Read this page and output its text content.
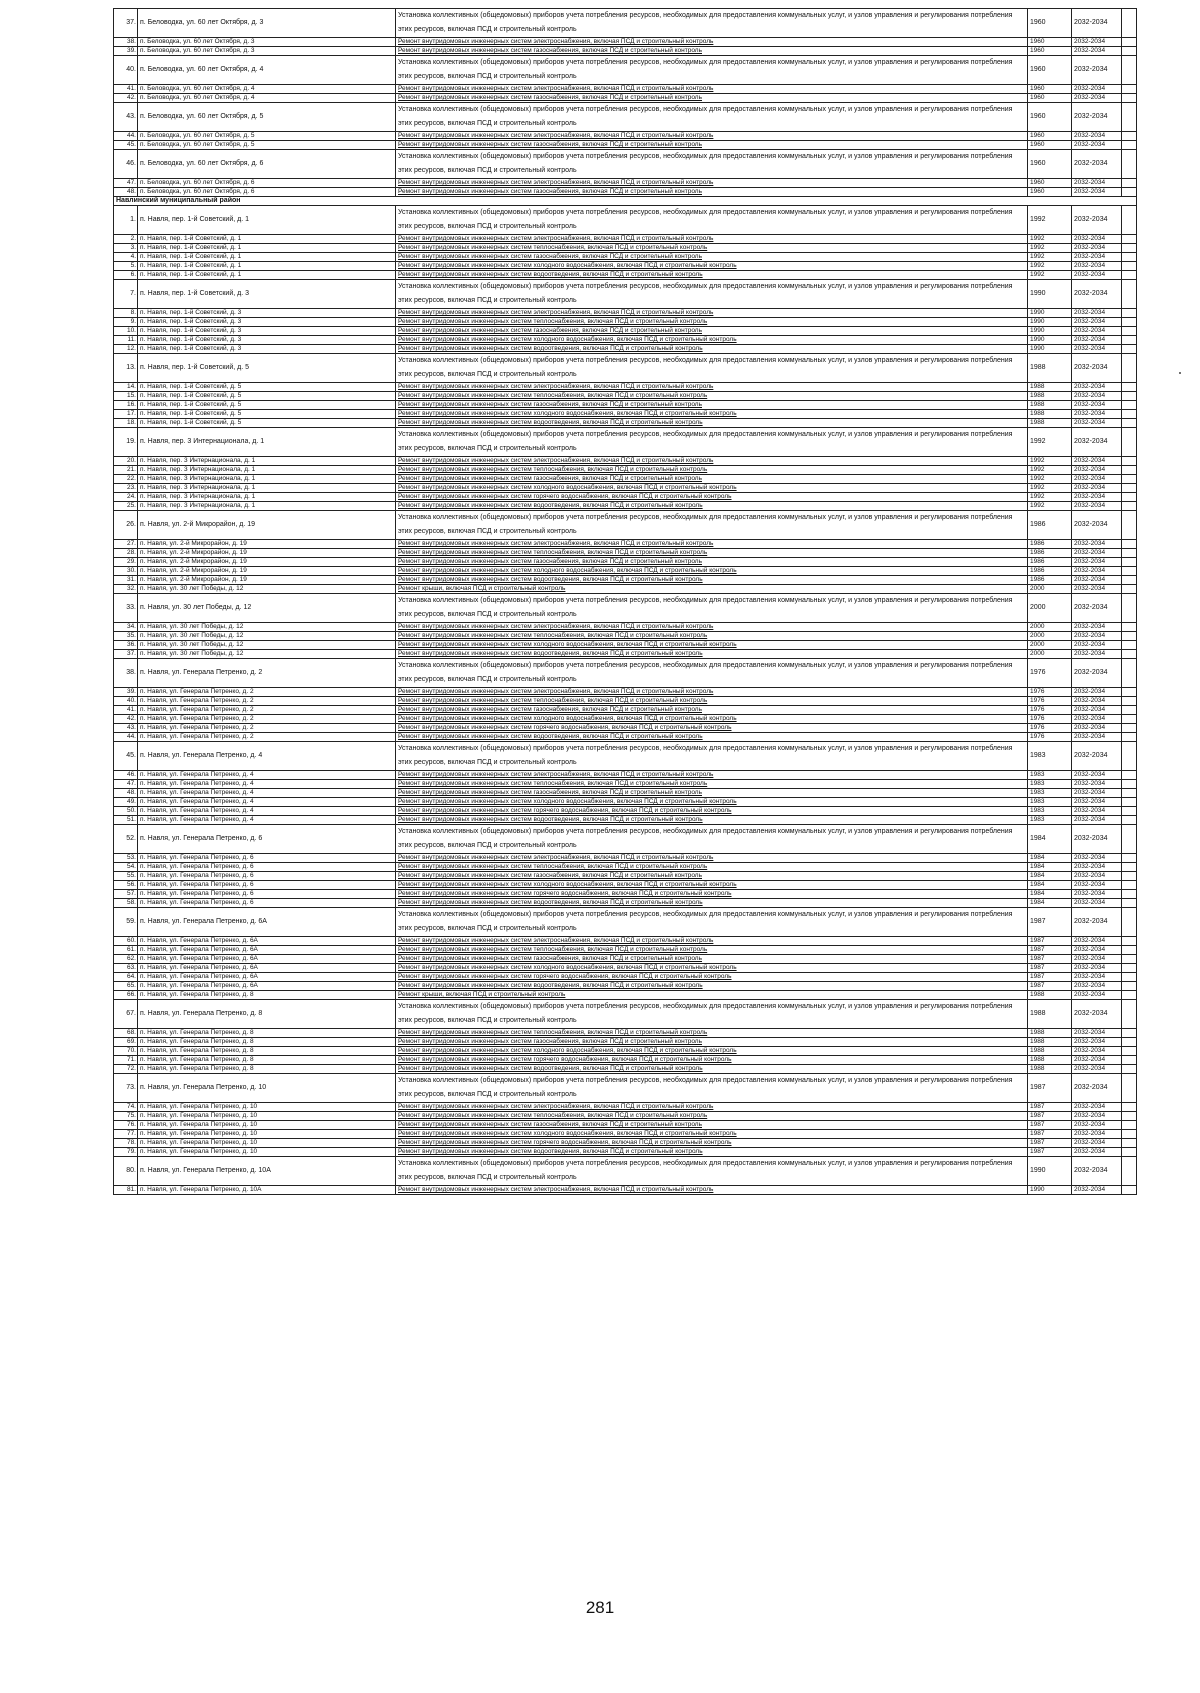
37.	п. Беловодка, ул. 60 лет Октября, д. 3	Установка коллективных (общедомовых) приборов учета потребления ресурсов, необходимых для предоставления коммунальных услуг, и узлов управления и регулирования потребления этих ресурсов, включая ПСД и строительный контроль	1960	2032-2034	
38.	п. Беловодка, ул. 60 лет Октября, д. 3	Ремонт внутридомовых инженерных систем электроснабжения, включая ПСД и строительный контроль	1960	2032-2034	
39.	п. Беловодка, ул. 60 лет Октября, д. 3	Ремонт внутридомовых инженерных систем газоснабжения, включая ПСД и строительный контроль	1960	2032-2034	
40.	п. Беловодка, ул. 60 лет Октября, д. 4	Установка коллективных (общедомовых) приборов учета потребления ресурсов, необходимых для предоставления коммунальных услуг, и узлов управления и регулирования потребления этих ресурсов, включая ПСД и строительный контроль	1960	2032-2034	
41.	п. Беловодка, ул. 60 лет Октября, д. 4	Ремонт внутридомовых инженерных систем электроснабжения, включая ПСД и строительный контроль	1960	2032-2034	
42.	п. Беловодка, ул. 60 лет Октября, д. 4	Ремонт внутридомовых инженерных систем газоснабжения, включая ПСД и строительный контроль	1960	2032-2034	
43.	п. Беловодка, ул. 60 лет Октября, д. 5	Установка коллективных (общедомовых) приборов учета потребления ресурсов, необходимых для предоставления коммунальных услуг, и узлов управления и регулирования потребления этих ресурсов, включая ПСД и строительный контроль	1960	2032-2034	
44.	п. Беловодка, ул. 60 лет Октября, д. 5	Ремонт внутридомовых инженерных систем электроснабжения, включая ПСД и строительный контроль	1960	2032-2034	
45.	п. Беловодка, ул. 60 лет Октября, д. 5	Ремонт внутридомовых инженерных систем газоснабжения, включая ПСД и строительный контроль	1960	2032-2034	
46.	п. Беловодка, ул. 60 лет Октября, д. 6	Установка коллективных (общедомовых) приборов учета потребления ресурсов, необходимых для предоставления коммунальных услуг, и узлов управления и регулирования потребления этих ресурсов, включая ПСД и строительный контроль	1960	2032-2034	
47.	п. Беловодка, ул. 60 лет Октября, д. 6	Ремонт внутридомовых инженерных систем электроснабжения, включая ПСД и строительный контроль	1960	2032-2034	
48.	п. Беловодка, ул. 60 лет Октября, д. 6	Ремонт внутридомовых инженерных систем газоснабжения, включая ПСД и строительный контроль	1960	2032-2034	
Навлинский муниципальный район					
1.	п. Навля, пер. 1-й Советский, д. 1	Установка коллективных (общедомовых) приборов учета потребления ресурсов, необходимых для предоставления коммунальных услуг, и узлов управления и регулирования потребления этих ресурсов, включая ПСД и строительный контроль	1992	2032-2034	
2.	п. Навля, пер. 1-й Советский, д. 1	Ремонт внутридомовых инженерных систем электроснабжения, включая ПСД и строительный контроль	1992	2032-2034	
3.	п. Навля, пер. 1-й Советский, д. 1	Ремонт внутридомовых инженерных систем теплоснабжения, включая ПСД и строительный контроль	1992	2032-2034	
4.	п. Навля, пер. 1-й Советский, д. 1	Ремонт внутридомовых инженерных систем газоснабжения, включая ПСД и строительный контроль	1992	2032-2034	
5.	п. Навля, пер. 1-й Советский, д. 1	Ремонт внутридомовых инженерных систем холодного водоснабжения, включая ПСД и строительный контроль	1992	2032-2034	
6.	п. Навля, пер. 1-й Советский, д. 1	Ремонт внутридомовых инженерных систем водоотведения, включая ПСД и строительный контроль	1992	2032-2034	
7.	п. Навля, пер. 1-й Советский, д. 3	Установка коллективных (общедомовых) приборов учета потребления ресурсов, необходимых для предоставления коммунальных услуг, и узлов управления и регулирования потребления этих ресурсов, включая ПСД и строительный контроль	1990	2032-2034	
8.	п. Навля, пер. 1-й Советский, д. 3	Ремонт внутридомовых инженерных систем электроснабжения, включая ПСД и строительный контроль	1990	2032-2034	
9.	п. Навля, пер. 1-й Советский, д. 3	Ремонт внутридомовых инженерных систем теплоснабжения, включая ПСД и строительный контроль	1990	2032-2034	
10.	п. Навля, пер. 1-й Советский, д. 3	Ремонт внутридомовых инженерных систем газоснабжения, включая ПСД и строительный контроль	1990	2032-2034	
11.	п. Навля, пер. 1-й Советский, д. 3	Ремонт внутридомовых инженерных систем холодного водоснабжения, включая ПСД и строительный контроль	1990	2032-2034	
12.	п. Навля, пер. 1-й Советский, д. 3	Ремонт внутридомовых инженерных систем водоотведения, включая ПСД и строительный контроль	1990	2032-2034	
13.	п. Навля, пер. 1-й Советский, д. 5	Установка коллективных (общедомовых) приборов учета потребления ресурсов, необходимых для предоставления коммунальных услуг, и узлов управления и регулирования потребления этих ресурсов, включая ПСД и строительный контроль	1988	2032-2034	
14.	п. Навля, пер. 1-й Советский, д. 5	Ремонт внутридомовых инженерных систем электроснабжения, включая ПСД и строительный контроль	1988	2032-2034	
15.	п. Навля, пер. 1-й Советский, д. 5	Ремонт внутридомовых инженерных систем теплоснабжения, включая ПСД и строительный контроль	1988	2032-2034	
16.	п. Навля, пер. 1-й Советский, д. 5	Ремонт внутридомовых инженерных систем газоснабжения, включая ПСД и строительный контроль	1988	2032-2034	
17.	п. Навля, пер. 1-й Советский, д. 5	Ремонт внутридомовых инженерных систем холодного водоснабжения, включая ПСД и строительный контроль	1988	2032-2034	
18.	п. Навля, пер. 1-й Советский, д. 5	Ремонт внутридомовых инженерных систем водоотведения, включая ПСД и строительный контроль	1988	2032-2034	
19.	п. Навля, пер. 3 Интернационала, д. 1	Установка коллективных (общедомовых) приборов учета потребления ресурсов, необходимых для предоставления коммунальных услуг, и узлов управления и регулирования потребления этих ресурсов, включая ПСД и строительный контроль	1992	2032-2034	
20.	п. Навля, пер. 3 Интернационала, д. 1	Ремонт внутридомовых инженерных систем электроснабжения, включая ПСД и строительный контроль	1992	2032-2034	
21.	п. Навля, пер. 3 Интернационала, д. 1	Ремонт внутридомовых инженерных систем теплоснабжения, включая ПСД и строительный контроль	1992	2032-2034	
22.	п. Навля, пер. 3 Интернационала, д. 1	Ремонт внутридомовых инженерных систем газоснабжения, включая ПСД и строительный контроль	1992	2032-2034	
23.	п. Навля, пер. 3 Интернационала, д. 1	Ремонт внутридомовых инженерных систем холодного водоснабжения, включая ПСД и строительный контроль	1992	2032-2034	
24.	п. Навля, пер. 3 Интернационала, д. 1	Ремонт внутридомовых инженерных систем горячего водоснабжения, включая ПСД и строительный контроль	1992	2032-2034	
25.	п. Навля, пер. 3 Интернационала, д. 1	Ремонт внутридомовых инженерных систем водоотведения, включая ПСД и строительный контроль	1992	2032-2034	
26.	п. Навля, ул. 2-й Микрорайон, д. 19	Установка коллективных (общедомовых) приборов учета потребления ресурсов, необходимых для предоставления коммунальных услуг, и узлов управления и регулирования потребления этих ресурсов, включая ПСД и строительный контроль	1986	2032-2034	
27.	п. Навля, ул. 2-й Микрорайон, д. 19	Ремонт внутридомовых инженерных систем электроснабжения, включая ПСД и строительный контроль	1986	2032-2034	
28.	п. Навля, ул. 2-й Микрорайон, д. 19	Ремонт внутридомовых инженерных систем теплоснабжения, включая ПСД и строительный контроль	1986	2032-2034	
29.	п. Навля, ул. 2-й Микрорайон, д. 19	Ремонт внутридомовых инженерных систем газоснабжения, включая ПСД и строительный контроль	1986	2032-2034	
30.	п. Навля, ул. 2-й Микрорайон, д. 19	Ремонт внутридомовых инженерных систем холодного водоснабжения, включая ПСД и строительный контроль	1986	2032-2034	
31.	п. Навля, ул. 2-й Микрорайон, д. 19	Ремонт внутридомовых инженерных систем водоотведения, включая ПСД и строительный контроль	1986	2032-2034	
32.	п. Навля, ул. 30 лет Победы, д. 12	Ремонт крыши, включая ПСД и строительный контроль	2000	2032-2034	
33.	п. Навля, ул. 30 лет Победы, д. 12	Установка коллективных (общедомовых) приборов учета потребления ресурсов, необходимых для предоставления коммунальных услуг, и узлов управления и регулирования потребления этих ресурсов, включая ПСД и строительный контроль	2000	2032-2034	
34.	п. Навля, ул. 30 лет Победы, д. 12	Ремонт внутридомовых инженерных систем электроснабжения, включая ПСД и строительный контроль	2000	2032-2034	
35.	п. Навля, ул. 30 лет Победы, д. 12	Ремонт внутридомовых инженерных систем теплоснабжения, включая ПСД и строительный контроль	2000	2032-2034	
36.	п. Навля, ул. 30 лет Победы, д. 12	Ремонт внутридомовых инженерных систем холодного водоснабжения, включая ПСД и строительный контроль	2000	2032-2034	
37.	п. Навля, ул. 30 лет Победы, д. 12	Ремонт внутридомовых инженерных систем водоотведения, включая ПСД и строительный контроль	2000	2032-2034	
38.	п. Навля, ул. Генерала Петренко, д. 2	Установка коллективных (общедомовых) приборов учета потребления ресурсов, необходимых для предоставления коммунальных услуг, и узлов управления и регулирования потребления этих ресурсов, включая ПСД и строительный контроль	1976	2032-2034	
39.	п. Навля, ул. Генерала Петренко, д. 2	Ремонт внутридомовых инженерных систем электроснабжения, включая ПСД и строительный контроль	1976	2032-2034	
40.	п. Навля, ул. Генерала Петренко, д. 2	Ремонт внутридомовых инженерных систем теплоснабжения, включая ПСД и строительный контроль	1976	2032-2034	
41.	п. Навля, ул. Генерала Петренко, д. 2	Ремонт внутридомовых инженерных систем газоснабжения, включая ПСД и строительный контроль	1976	2032-2034	
42.	п. Навля, ул. Генерала Петренко, д. 2	Ремонт внутридомовых инженерных систем холодного водоснабжения, включая ПСД и строительный контроль	1976	2032-2034	
43.	п. Навля, ул. Генерала Петренко, д. 2	Ремонт внутридомовых инженерных систем горячего водоснабжения, включая ПСД и строительный контроль	1976	2032-2034	
44.	п. Навля, ул. Генерала Петренко, д. 2	Ремонт внутридомовых инженерных систем водоотведения, включая ПСД и строительный контроль	1976	2032-2034	
45.	п. Навля, ул. Генерала Петренко, д. 4	Установка коллективных (общедомовых) приборов учета потребления ресурсов, необходимых для предоставления коммунальных услуг, и узлов управления и регулирования потребления этих ресурсов, включая ПСД и строительный контроль	1983	2032-2034	
46.	п. Навля, ул. Генерала Петренко, д. 4	Ремонт внутридомовых инженерных систем электроснабжения, включая ПСД и строительный контроль	1983	2032-2034	
47.	п. Навля, ул. Генерала Петренко, д. 4	Ремонт внутридомовых инженерных систем теплоснабжения, включая ПСД и строительный контроль	1983	2032-2034	
48.	п. Навля, ул. Генерала Петренко, д. 4	Ремонт внутридомовых инженерных систем газоснабжения, включая ПСД и строительный контроль	1983	2032-2034	
49.	п. Навля, ул. Генерала Петренко, д. 4	Ремонт внутридомовых инженерных систем холодного водоснабжения, включая ПСД и строительный контроль	1983	2032-2034	
50.	п. Навля, ул. Генерала Петренко, д. 4	Ремонт внутридомовых инженерных систем горячего водоснабжения, включая ПСД и строительный контроль	1983	2032-2034	
51.	п. Навля, ул. Генерала Петренко, д. 4	Ремонт внутридомовых инженерных систем водоотведения, включая ПСД и строительный контроль	1983	2032-2034	
52.	п. Навля, ул. Генерала Петренко, д. 6	Установка коллективных (общедомовых) приборов учета потребления ресурсов, необходимых для предоставления коммунальных услуг, и узлов управления и регулирования потребления этих ресурсов, включая ПСД и строительный контроль	1984	2032-2034	
53.	п. Навля, ул. Генерала Петренко, д. 6	Ремонт внутридомовых инженерных систем электроснабжения, включая ПСД и строительный контроль	1984	2032-2034	
54.	п. Навля, ул. Генерала Петренко, д. 6	Ремонт внутридомовых инженерных систем теплоснабжения, включая ПСД и строительный контроль	1984	2032-2034	
55.	п. Навля, ул. Генерала Петренко, д. 6	Ремонт внутридомовых инженерных систем газоснабжения, включая ПСД и строительный контроль	1984	2032-2034	
56.	п. Навля, ул. Генерала Петренко, д. 6	Ремонт внутридомовых инженерных систем холодного водоснабжения, включая ПСД и строительный контроль	1984	2032-2034	
57.	п. Навля, ул. Генерала Петренко, д. 6	Ремонт внутридомовых инженерных систем горячего водоснабжения, включая ПСД и строительный контроль	1984	2032-2034	
58.	п. Навля, ул. Генерала Петренко, д. 6	Ремонт внутридомовых инженерных систем водоотведения, включая ПСД и строительный контроль	1984	2032-2034	
59.	п. Навля, ул. Генерала Петренко, д. 6А	Установка коллективных (общедомовых) приборов учета потребления ресурсов, необходимых для предоставления коммунальных услуг, и узлов управления и регулирования потребления этих ресурсов, включая ПСД и строительный контроль	1987	2032-2034	
60.	п. Навля, ул. Генерала Петренко, д. 6А	Ремонт внутридомовых инженерных систем электроснабжения, включая ПСД и строительный контроль	1987	2032-2034	
61.	п. Навля, ул. Генерала Петренко, д. 6А	Ремонт внутридомовых инженерных систем теплоснабжения, включая ПСД и строительный контроль	1987	2032-2034	
62.	п. Навля, ул. Генерала Петренко, д. 6А	Ремонт внутридомовых инженерных систем газоснабжения, включая ПСД и строительный контроль	1987	2032-2034	
63.	п. Навля, ул. Генерала Петренко, д. 6А	Ремонт внутридомовых инженерных систем холодного водоснабжения, включая ПСД и строительный контроль	1987	2032-2034	
64.	п. Навля, ул. Генерала Петренко, д. 6А	Ремонт внутридомовых инженерных систем горячего водоснабжения, включая ПСД и строительный контроль	1987	2032-2034	
65.	п. Навля, ул. Генерала Петренко, д. 6А	Ремонт внутридомовых инженерных систем водоотведения, включая ПСД и строительный контроль	1987	2032-2034	
66.	п. Навля, ул. Генерала Петренко, д. 8	Ремонт крыши, включая ПСД и строительный контроль	1988	2032-2034	
67.	п. Навля, ул. Генерала Петренко, д. 8	Установка коллективных (общедомовых) приборов учета потребления ресурсов, необходимых для предоставления коммунальных услуг, и узлов управления и регулирования потребления этих ресурсов, включая ПСД и строительный контроль	1988	2032-2034	
68.	п. Навля, ул. Генерала Петренко, д. 8	Ремонт внутридомовых инженерных систем теплоснабжения, включая ПСД и строительный контроль	1988	2032-2034	
69.	п. Навля, ул. Генерала Петренко, д. 8	Ремонт внутридомовых инженерных систем газоснабжения, включая ПСД и строительный контроль	1988	2032-2034	
70.	п. Навля, ул. Генерала Петренко, д. 8	Ремонт внутридомовых инженерных систем холодного водоснабжения, включая ПСД и строительный контроль	1988	2032-2034	
71.	п. Навля, ул. Генерала Петренко, д. 8	Ремонт внутридомовых инженерных систем горячего водоснабжения, включая ПСД и строительный контроль	1988	2032-2034	
72.	п. Навля, ул. Генерала Петренко, д. 8	Ремонт внутридомовых инженерных систем водоотведения, включая ПСД и строительный контроль	1988	2032-2034	
73.	п. Навля, ул. Генерала Петренко, д. 10	Установка коллективных (общедомовых) приборов учета потребления ресурсов, необходимых для предоставления коммунальных услуг, и узлов управления и регулирования потребления этих ресурсов, включая ПСД и строительный контроль	1987	2032-2034	
74.	п. Навля, ул. Генерала Петренко, д. 10	Ремонт внутридомовых инженерных систем электроснабжения, включая ПСД и строительный контроль	1987	2032-2034	
75.	п. Навля, ул. Генерала Петренко, д. 10	Ремонт внутридомовых инженерных систем теплоснабжения, включая ПСД и строительный контроль	1987	2032-2034	
76.	п. Навля, ул. Генерала Петренко, д. 10	Ремонт внутридомовых инженерных систем газоснабжения, включая ПСД и строительный контроль	1987	2032-2034	
77.	п. Навля, ул. Генерала Петренко, д. 10	Ремонт внутридомовых инженерных систем холодного водоснабжения, включая ПСД и строительный контроль	1987	2032-2034	
78.	п. Навля, ул. Генерала Петренко, д. 10	Ремонт внутридомовых инженерных систем горячего водоснабжения, включая ПСД и строительный контроль	1987	2032-2034	
79.	п. Навля, ул. Генерала Петренко, д. 10	Ремонт внутридомовых инженерных систем водоотведения, включая ПСД и строительный контроль	1987	2032-2034	
80.	п. Навля, ул. Генерала Петренко, д. 10А	Установка коллективных (общедомовых) приборов учета потребления ресурсов, необходимых для предоставления коммунальных услуг, и узлов управления и регулирования потребления этих ресурсов, включая ПСД и строительный контроль	1990	2032-2034	
81.	п. Навля, ул. Генерала Петренко, д. 10А	Ремонт внутридомовых инженерных систем электроснабжения, включая ПСД и строительный контроль	1990	2032-2034	
281
